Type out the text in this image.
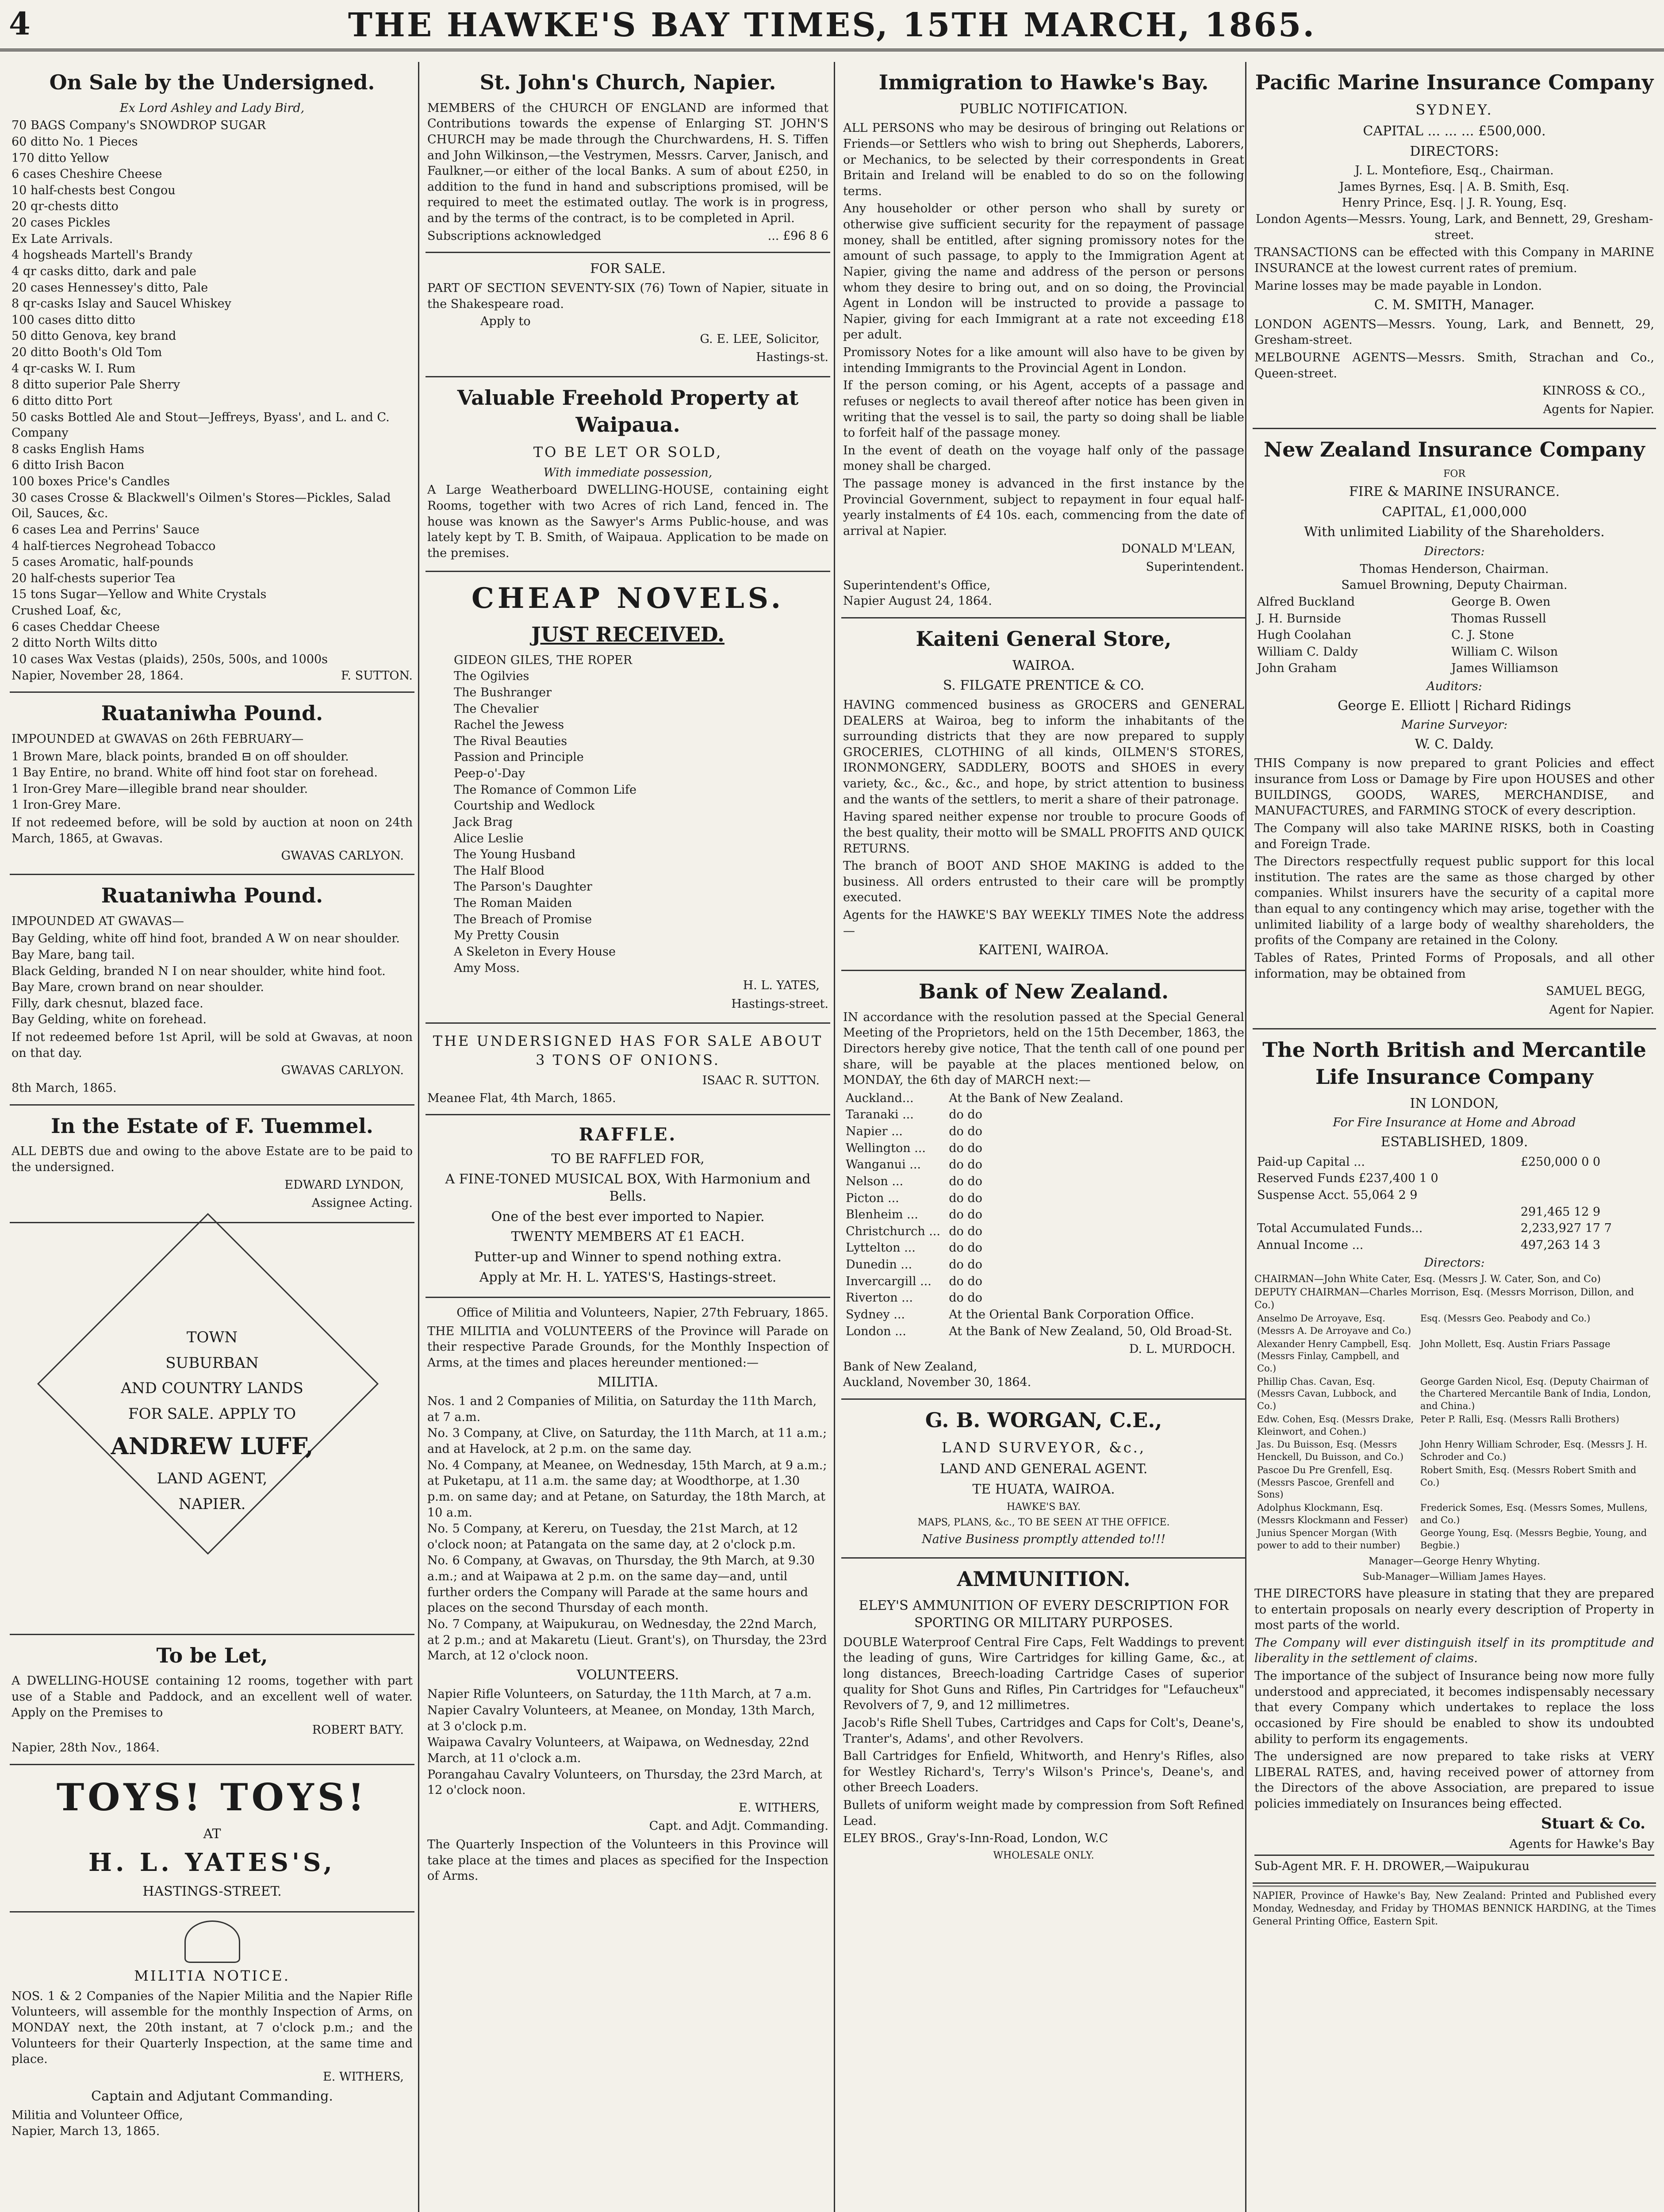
4	THE HAWKE'S BAY TIMES, 15TH MARCH, 1865.
On Sale by the Undersigned.
Ex Lord Ashley and Lady Bird,
70 BAGS Company's SNOWDROP SUGAR
60 ditto No. 1 Pieces
170 ditto Yellow
6 cases Cheshire Cheese
10 half-chests best Congou
20 qr-chests ditto
20 cases Pickles
Ex Late Arrivals.
4 hogsheads Martell's Brandy
4 qr casks ditto, dark and pale
20 cases Hennessey's ditto, Pale
8 qr-casks Islay and Saucel Whiskey
100 cases ditto ditto
50 ditto Genova, key brand
20 ditto Booth's Old Tom
4 qr-casks W. I. Rum
8 ditto superior Pale Sherry
6 ditto ditto Port
50 casks Bottled Ale and Stout—Jeffreys, Byass', and L. and C. Company
8 casks English Hams
6 ditto Irish Bacon
100 boxes Price's Candles
30 cases Crosse & Blackwell's Oilmen's Stores—Pickles, Salad Oil, Sauces, &c.
6 cases Lea and Perrins' Sauce
4 half-tierces Negrohead Tobacco
5 cases Aromatic, half-pounds
20 half-chests superior Tea
15 tons Sugar—Yellow and White Crystals
Crushed Loaf, &c,
6 cases Cheddar Cheese
2 ditto North Wilts ditto
10 cases Wax Vestas (plaids), 250s, 500s, and 1000s
Napier, November 28, 1864.	F. SUTTON.
Ruataniwha Pound.
IMPOUNDED at GWAVAS on 26th FEBRUARY—
1 Brown Mare, black points, branded ⊟ on off shoulder.
1 Bay Entire, no brand. White off hind foot star on forehead.
1 Iron-Grey Mare—illegible brand near shoulder.
1 Iron-Grey Mare.
If not redeemed before, will be sold by auction at noon on 24th March, 1865, at Gwavas.
GWAVAS CARLYON.
Ruataniwha Pound.
IMPOUNDED AT GWAVAS—
Bay Gelding, white off hind foot, branded A W on near shoulder.
Bay Mare, bang tail.
Black Gelding, branded N I on near shoulder, white hind foot.
Bay Mare, crown brand on near shoulder.
Filly, dark chesnut, blazed face.
Bay Gelding, white on forehead.
If not redeemed before 1st April, will be sold at Gwavas, at noon on that day.
GWAVAS CARLYON.
8th March, 1865.
In the Estate of F. Tuemmel.
ALL DEBTS due and owing to the above Estate are to be paid to the undersigned.
EDWARD LYNDON,
Assignee Acting.
TOWN
SUBURBAN
AND COUNTRY LANDS
FOR SALE. APPLY TO
ANDREW LUFF,
LAND AGENT,
NAPIER.
To be Let,
A DWELLING-HOUSE containing 12 rooms, together with part use of a Stable and Paddock, and an excellent well of water. Apply on the Premises to
ROBERT BATY.
Napier, 28th Nov., 1864.
TOYS! TOYS!
AT
H. L. YATES'S,
HASTINGS-STREET.
MILITIA NOTICE.
NOS. 1 & 2 Companies of the Napier Militia and the Napier Rifle Volunteers, will assemble for the monthly Inspection of Arms, on MONDAY next, the 20th instant, at 7 o'clock p.m.; and the Volunteers for their Quarterly Inspection, at the same time and place.
E. WITHERS,
Captain and Adjutant Commanding.
Militia and Volunteer Office,
Napier, March 13, 1865.
St. John's Church, Napier.
MEMBERS of the CHURCH OF ENGLAND are informed that Contributions towards the expense of Enlarging ST. JOHN'S CHURCH may be made through the Churchwardens, H. S. Tiffen and John Wilkinson,—the Vestrymen, Messrs. Carver, Janisch, and Faulkner,—or either of the local Banks. A sum of about £250, in addition to the fund in hand and subscriptions promised, will be required to meet the estimated outlay. The work is in progress, and by the terms of the contract, is to be completed in April.
Subscriptions acknowledged	... £96 8 6
FOR SALE.
PART OF SECTION SEVENTY-SIX (76) Town of Napier, situate in the Shakespeare road.
Apply to
G. E. LEE, Solicitor,
Hastings-st.
Valuable Freehold Property at Waipaua.
TO BE LET OR SOLD,
With immediate possession,
A Large Weatherboard DWELLING-HOUSE, containing eight Rooms, together with two Acres of rich Land, fenced in. The house was known as the Sawyer's Arms Public-house, and was lately kept by T. B. Smith, of Waipaua. Application to be made on the premises.
CHEAP NOVELS.
JUST RECEIVED.
GIDEON GILES, THE ROPER
The Ogilvies
The Bushranger
The Chevalier
Rachel the Jewess
The Rival Beauties
Passion and Principle
Peep-o'-Day
The Romance of Common Life
Courtship and Wedlock
Jack Brag
Alice Leslie
The Young Husband
The Half Blood
The Parson's Daughter
The Roman Maiden
The Breach of Promise
My Pretty Cousin
A Skeleton in Every House
Amy Moss.
H. L. YATES,
Hastings-street.
THE UNDERSIGNED HAS FOR SALE ABOUT 3 TONS OF ONIONS.
ISAAC R. SUTTON.
Meanee Flat, 4th March, 1865.
RAFFLE.
TO BE RAFFLED FOR,
A FINE-TONED MUSICAL BOX, With Harmonium and Bells.
One of the best ever imported to Napier.
TWENTY MEMBERS AT £1 EACH.
Putter-up and Winner to spend nothing extra.
Apply at Mr. H. L. YATES'S, Hastings-street.
Office of Militia and Volunteers, Napier, 27th February, 1865.
THE MILITIA and VOLUNTEERS of the Province will Parade on their respective Parade Grounds, for the Monthly Inspection of Arms, at the times and places hereunder mentioned:—
MILITIA.
Nos. 1 and 2 Companies of Militia, on Saturday the 11th March, at 7 a.m.
No. 3 Company, at Clive, on Saturday, the 11th March, at 11 a.m.; and at Havelock, at 2 p.m. on the same day.
No. 4 Company, at Meanee, on Wednesday, 15th March, at 9 a.m.; at Puketapu, at 11 a.m. the same day; at Woodthorpe, at 1.30 p.m. on same day; and at Petane, on Saturday, the 18th March, at 10 a.m.
No. 5 Company, at Kereru, on Tuesday, the 21st March, at 12 o'clock noon; at Patangata on the same day, at 2 o'clock p.m.
No. 6 Company, at Gwavas, on Thursday, the 9th March, at 9.30 a.m.; and at Waipawa at 2 p.m. on the same day—and, until further orders the Company will Parade at the same hours and places on the second Thursday of each month.
No. 7 Company, at Waipukurau, on Wednesday, the 22nd March, at 2 p.m.; and at Makaretu (Lieut. Grant's), on Thursday, the 23rd March, at 12 o'clock noon.
VOLUNTEERS.
Napier Rifle Volunteers, on Saturday, the 11th March, at 7 a.m.
Napier Cavalry Volunteers, at Meanee, on Monday, 13th March, at 3 o'clock p.m.
Waipawa Cavalry Volunteers, at Waipawa, on Wednesday, 22nd March, at 11 o'clock a.m.
Porangahau Cavalry Volunteers, on Thursday, the 23rd March, at 12 o'clock noon.
E. WITHERS,
Capt. and Adjt. Commanding.
The Quarterly Inspection of the Volunteers in this Province will take place at the times and places as specified for the Inspection of Arms.
Immigration to Hawke's Bay.
PUBLIC NOTIFICATION.
ALL PERSONS who may be desirous of bringing out Relations or Friends—or Settlers who wish to bring out Shepherds, Laborers, or Mechanics, to be selected by their correspondents in Great Britain and Ireland will be enabled to do so on the following terms.
Any householder or other person who shall by surety or otherwise give sufficient security for the repayment of passage money, shall be entitled, after signing promissory notes for the amount of such passage, to apply to the Immigration Agent at Napier, giving the name and address of the person or persons whom they desire to bring out, and on so doing, the Provincial Agent in London will be instructed to provide a passage to Napier, giving for each Immigrant at a rate not exceeding £18 per adult.
Promissory Notes for a like amount will also have to be given by intending Immigrants to the Provincial Agent in London.
If the person coming, or his Agent, accepts of a passage and refuses or neglects to avail thereof after notice has been given in writing that the vessel is to sail, the party so doing shall be liable to forfeit half of the passage money.
In the event of death on the voyage half only of the passage money shall be charged.
The passage money is advanced in the first instance by the Provincial Government, subject to repayment in four equal half-yearly instalments of £4 10s. each, commencing from the date of arrival at Napier.
DONALD M'LEAN,
Superintendent.
Superintendent's Office,
Napier August 24, 1864.
Kaiteni General Store,
WAIROA.
S. FILGATE PRENTICE & CO.
HAVING commenced business as GROCERS and GENERAL DEALERS at Wairoa, beg to inform the inhabitants of the surrounding districts that they are now prepared to supply GROCERIES, CLOTHING of all kinds, OILMEN'S STORES, IRONMONGERY, SADDLERY, BOOTS and SHOES in every variety, &c., &c., &c., and hope, by strict attention to business and the wants of the settlers, to merit a share of their patronage.
Having spared neither expense nor trouble to procure Goods of the best quality, their motto will be SMALL PROFITS AND QUICK RETURNS.
The branch of BOOT AND SHOE MAKING is added to the business. All orders entrusted to their care will be promptly executed.
Agents for the HAWKE'S BAY WEEKLY TIMES Note the address—
KAITENI, WAIROA.
Bank of New Zealand.
IN accordance with the resolution passed at the Special General Meeting of the Proprietors, held on the 15th December, 1863, the Directors hereby give notice, That the tenth call of one pound per share, will be payable at the places mentioned below, on MONDAY, the 6th day of MARCH next:—
Auckland...	At the Bank of New Zealand.
Taranaki ...	do do
Napier ...	do do
Wellington ...	do do
Wanganui ...	do do
Nelson ...	do do
Picton ...	do do
Blenheim ...	do do
Christchurch ...	do do
Lyttelton ...	do do
Dunedin ...	do do
Invercargill ...	do do
Riverton ...	do do
Sydney ...	At the Oriental Bank Corporation Office.
London ...	At the Bank of New Zealand, 50, Old Broad-St.
D. L. MURDOCH.
Bank of New Zealand,
Auckland, November 30, 1864.
G. B. WORGAN, C.E.,
LAND SURVEYOR, &c.,
LAND AND GENERAL AGENT.
TE HUATA, WAIROA.
HAWKE'S BAY.
MAPS, PLANS, &c., TO BE SEEN AT THE OFFICE.
Native Business promptly attended to!!!
AMMUNITION.
ELEY'S AMMUNITION OF EVERY DESCRIPTION FOR SPORTING OR MILITARY PURPOSES.
DOUBLE Waterproof Central Fire Caps, Felt Waddings to prevent the leading of guns, Wire Cartridges for killing Game, &c., at long distances, Breech-loading Cartridge Cases of superior quality for Shot Guns and Rifles, Pin Cartridges for "Lefaucheux" Revolvers of 7, 9, and 12 millimetres.
Jacob's Rifle Shell Tubes, Cartridges and Caps for Colt's, Deane's, Tranter's, Adams', and other Revolvers.
Ball Cartridges for Enfield, Whitworth, and Henry's Rifles, also for Westley Richard's, Terry's Wilson's Prince's, Deane's, and other Breech Loaders.
Bullets of uniform weight made by compression from Soft Refined Lead.
ELEY BROS., Gray's-Inn-Road, London, W.C
WHOLESALE ONLY.
Pacific Marine Insurance Company
SYDNEY.
CAPITAL ... ... ... £500,000.
DIRECTORS:
J. L. Montefiore, Esq., Chairman.
James Byrnes, Esq. | A. B. Smith, Esq.
Henry Prince, Esq. | J. R. Young, Esq.
London Agents—Messrs. Young, Lark, and Bennett, 29, Gresham-street.
TRANSACTIONS can be effected with this Company in MARINE INSURANCE at the lowest current rates of premium.
Marine losses may be made payable in London.
C. M. SMITH, Manager.
LONDON AGENTS—Messrs. Young, Lark, and Bennett, 29, Gresham-street.
MELBOURNE AGENTS—Messrs. Smith, Strachan and Co., Queen-street.
KINROSS & CO.,
Agents for Napier.
New Zealand Insurance Company
FOR
FIRE & MARINE INSURANCE.
CAPITAL, £1,000,000
With unlimited Liability of the Shareholders.
Directors:
Thomas Henderson, Chairman.
Samuel Browning, Deputy Chairman.
Alfred Buckland	George B. Owen
J. H. Burnside	Thomas Russell
Hugh Coolahan	C. J. Stone
William C. Daldy	William C. Wilson
John Graham	James Williamson
Auditors:
George E. Elliott | Richard Ridings
Marine Surveyor:
W. C. Daldy.
THIS Company is now prepared to grant Policies and effect insurance from Loss or Damage by Fire upon HOUSES and other BUILDINGS, GOODS, WARES, MERCHANDISE, and MANUFACTURES, and FARMING STOCK of every description.
The Company will also take MARINE RISKS, both in Coasting and Foreign Trade.
The Directors respectfully request public support for this local institution. The rates are the same as those charged by other companies. Whilst insurers have the security of a capital more than equal to any contingency which may arise, together with the unlimited liability of a large body of wealthy shareholders, the profits of the Company are retained in the Colony.
Tables of Rates, Printed Forms of Proposals, and all other information, may be obtained from
SAMUEL BEGG,
Agent for Napier.
The North British and Mercantile Life Insurance Company
IN LONDON,
For Fire Insurance at Home and Abroad
ESTABLISHED, 1809.
Paid-up Capital ...	£250,000 0 0
Reserved Funds £237,400 1 0	
Suspense Acct. 55,064 2 9	
	291,465 12 9
Total Accumulated Funds...	2,233,927 17 7
Annual Income ...	497,263 14 3
Directors:
CHAIRMAN—John White Cater, Esq. (Messrs J. W. Cater, Son, and Co)
DEPUTY CHAIRMAN—Charles Morrison, Esq. (Messrs Morrison, Dillon, and Co.)
Anselmo De Arroyave, Esq. (Messrs A. De Arroyave and Co.)	Esq. (Messrs Geo. Peabody and Co.)
Alexander Henry Campbell, Esq. (Messrs Finlay, Campbell, and Co.)	John Mollett, Esq. Austin Friars Passage
Phillip Chas. Cavan, Esq. (Messrs Cavan, Lubbock, and Co.)	George Garden Nicol, Esq. (Deputy Chairman of the Chartered Mercantile Bank of India, London, and China.)
Edw. Cohen, Esq. (Messrs Drake, Kleinwort, and Cohen.)	Peter P. Ralli, Esq. (Messrs Ralli Brothers)
Jas. Du Buisson, Esq. (Messrs Henckell, Du Buisson, and Co.)	John Henry William Schroder, Esq. (Messrs J. H. Schroder and Co.)
Pascoe Du Pre Grenfell, Esq. (Messrs Pascoe, Grenfell and Sons)	Robert Smith, Esq. (Messrs Robert Smith and Co.)
Adolphus Klockmann, Esq. (Messrs Klockmann and Fesser)	Frederick Somes, Esq. (Messrs Somes, Mullens, and Co.)
Junius Spencer Morgan (With power to add to their number)	George Young, Esq. (Messrs Begbie, Young, and Begbie.)
Manager—George Henry Whyting.
Sub-Manager—William James Hayes.
THE DIRECTORS have pleasure in stating that they are prepared to entertain proposals on nearly every description of Property in most parts of the world.
The Company will ever distinguish itself in its promptitude and liberality in the settlement of claims.
The importance of the subject of Insurance being now more fully understood and appreciated, it becomes indispensably necessary that every Company which undertakes to replace the loss occasioned by Fire should be enabled to show its undoubted ability to perform its engagements.
The undersigned are now prepared to take risks at VERY LIBERAL RATES, and, having received power of attorney from the Directors of the above Association, are prepared to issue policies immediately on Insurances being effected.
Stuart & Co.
Agents for Hawke's Bay
Sub-Agent MR. F. H. DROWER,—Waipukurau
NAPIER, Province of Hawke's Bay, New Zealand: Printed and Published every Monday, Wednesday, and Friday by THOMAS BENNICK HARDING, at the Times General Printing Office, Eastern Spit.
